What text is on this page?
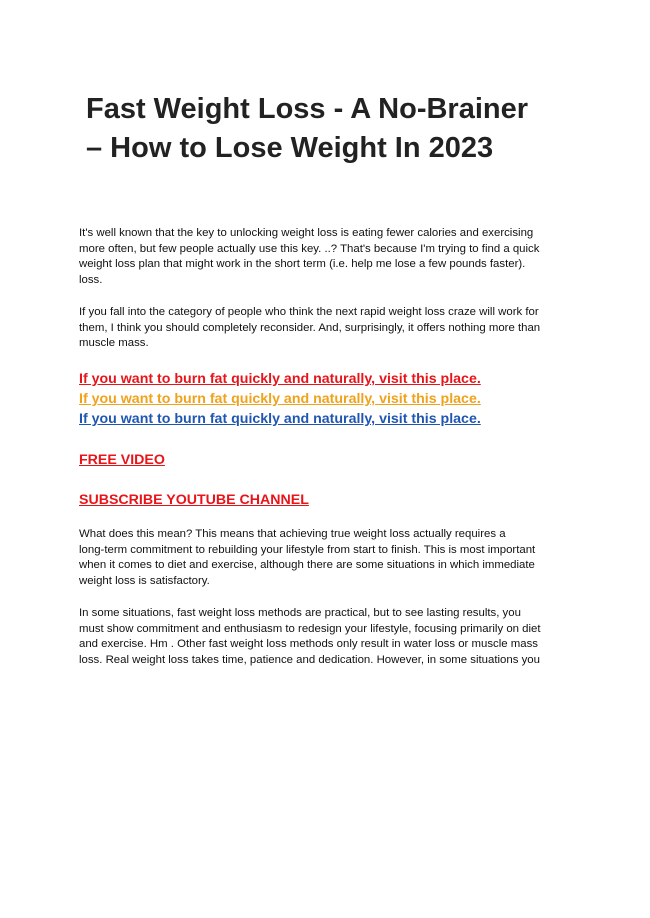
Fast Weight Loss - A No-Brainer
– How to Lose Weight In 2023
It's well known that the key to unlocking weight loss is eating fewer calories and exercising
more often, but few people actually use this key. ..? That's because I'm trying to find a quick
weight loss plan that might work in the short term (i.e. help me lose a few pounds faster).
loss.
If you fall into the category of people who think the next rapid weight loss craze will work for
them, I think you should completely reconsider. And, surprisingly, it offers nothing more than
muscle mass.
If you want to burn fat quickly and naturally, visit this place.
If you want to burn fat quickly and naturally, visit this place.
If you want to burn fat quickly and naturally, visit this place.
FREE VIDEO
SUBSCRIBE YOUTUBE CHANNEL
What does this mean? This means that achieving true weight loss actually requires a
long-term commitment to rebuilding your lifestyle from start to finish. This is most important
when it comes to diet and exercise, although there are some situations in which immediate
weight loss is satisfactory.
In some situations, fast weight loss methods are practical, but to see lasting results, you
must show commitment and enthusiasm to redesign your lifestyle, focusing primarily on diet
and exercise. Hm . Other fast weight loss methods only result in water loss or muscle mass
loss. Real weight loss takes time, patience and dedication. However, in some situations you
